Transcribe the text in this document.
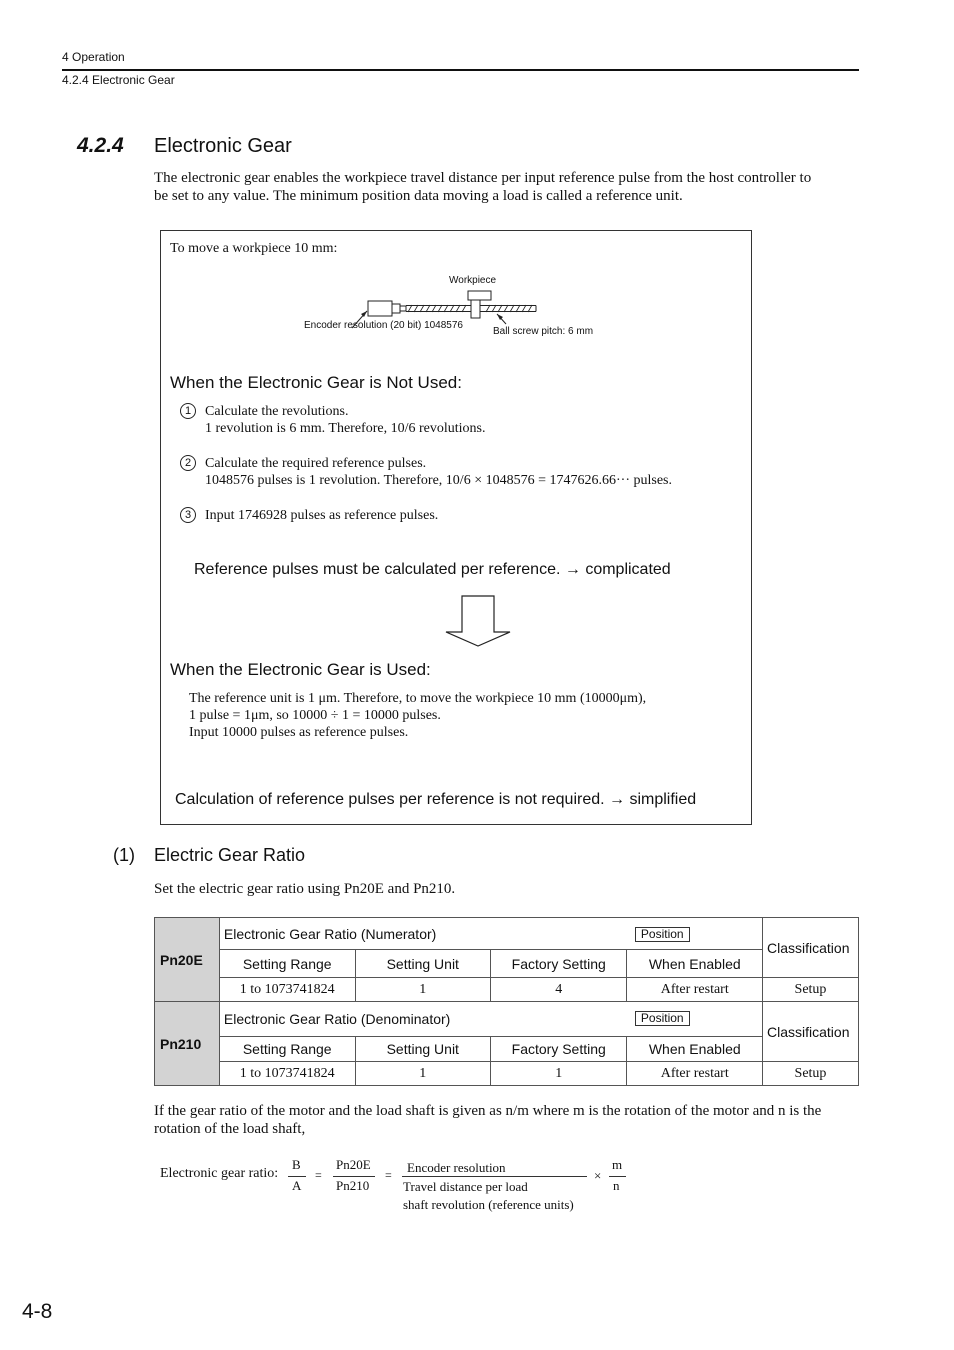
4 Operation
4.2.4 Electronic Gear
4.2.4 Electronic Gear
The electronic gear enables the workpiece travel distance per input reference pulse from the host controller to
be set to any value. The minimum position data moving a load is called a reference unit.
To move a workpiece 10 mm:
Workpiece
Encoder resolution (20 bit) 1048576
Ball screw pitch: 6 mm
When the Electronic Gear is Not Used:
1 Calculate the revolutions.
1 revolution is 6 mm. Therefore, 10/6 revolutions.
2 Calculate the required reference pulses.
1048576 pulses is 1 revolution. Therefore, 10/6 × 1048576 = 1747626.66··· pulses.
3 Input 1746928 pulses as reference pulses.
Reference pulses must be calculated per reference. → complicated
When the Electronic Gear is Used:
The reference unit is 1 μm. Therefore, to move the workpiece 10 mm (10000μm),
1 pulse = 1μm, so 10000 ÷ 1 = 10000 pulses.
Input 10000 pulses as reference pulses.
Calculation of reference pulses per reference is not required. → simplified
(1) Electric Gear Ratio
Set the electric gear ratio using Pn20E and Pn210.
Pn20E	Electronic Gear Ratio (Numerator) Position				Classification
	Setting Range	Setting Unit	Factory Setting	When Enabled	
	1 to 1073741824	1	4	After restart	Setup
Pn210	Electronic Gear Ratio (Denominator) Position				Classification
	Setting Range	Setting Unit	Factory Setting	When Enabled	
	1 to 1073741824	1	1	After restart	Setup
If the gear ratio of the motor and the load shaft is given as n/m where m is the rotation of the motor and n is the
rotation of the load shaft,
Electronic gear ratio:
B
A
=
Pn20E
Pn210
= Encoder resolution
Travel distance per load
shaft revolution (reference units)
×
m
n
4-8
